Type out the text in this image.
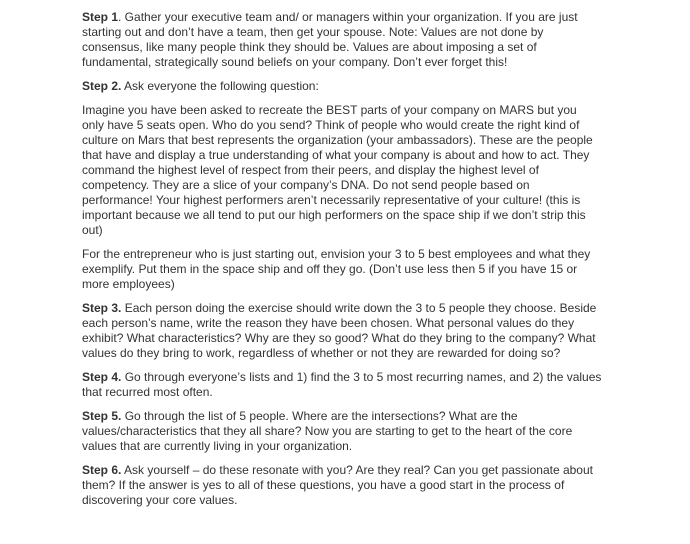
Step 1. Gather your executive team and/ or managers within your organization. If you are just starting out and don’t have a team, then get your spouse. Note: Values are not done by consensus, like many people think they should be. Values are about imposing a set of fundamental, strategically sound beliefs on your company. Don’t ever forget this!

Step 2. Ask everyone the following question:

Imagine you have been asked to recreate the BEST parts of your company on MARS but you only have 5 seats open. Who do you send? Think of people who would create the right kind of culture on Mars that best represents the organization (your ambassadors). These are the people that have and display a true understanding of what your company is about and how to act. They command the highest level of respect from their peers, and display the highest level of competency. They are a slice of your company’s DNA. Do not send people based on performance! Your highest performers aren’t necessarily representative of your culture! (this is important because we all tend to put our high performers on the space ship if we don’t strip this out)

For the entrepreneur who is just starting out, envision your 3 to 5 best employees and what they exemplify. Put them in the space ship and off they go. (Don’t use less then 5 if you have 15 or more employees)

Step 3. Each person doing the exercise should write down the 3 to 5 people they choose. Beside each person’s name, write the reason they have been chosen. What personal values do they exhibit? What characteristics? Why are they so good? What do they bring to the company? What values do they bring to work, regardless of whether or not they are rewarded for doing so?

Step 4. Go through everyone’s lists and 1) find the 3 to 5 most recurring names, and 2) the values that recurred most often.

Step 5. Go through the list of 5 people. Where are the intersections? What are the values/characteristics that they all share? Now you are starting to get to the heart of the core values that are currently living in your organization.

Step 6. Ask yourself – do these resonate with you? Are they real? Can you get passionate about them? If the answer is yes to all of these questions, you have a good start in the process of discovering your core values.
